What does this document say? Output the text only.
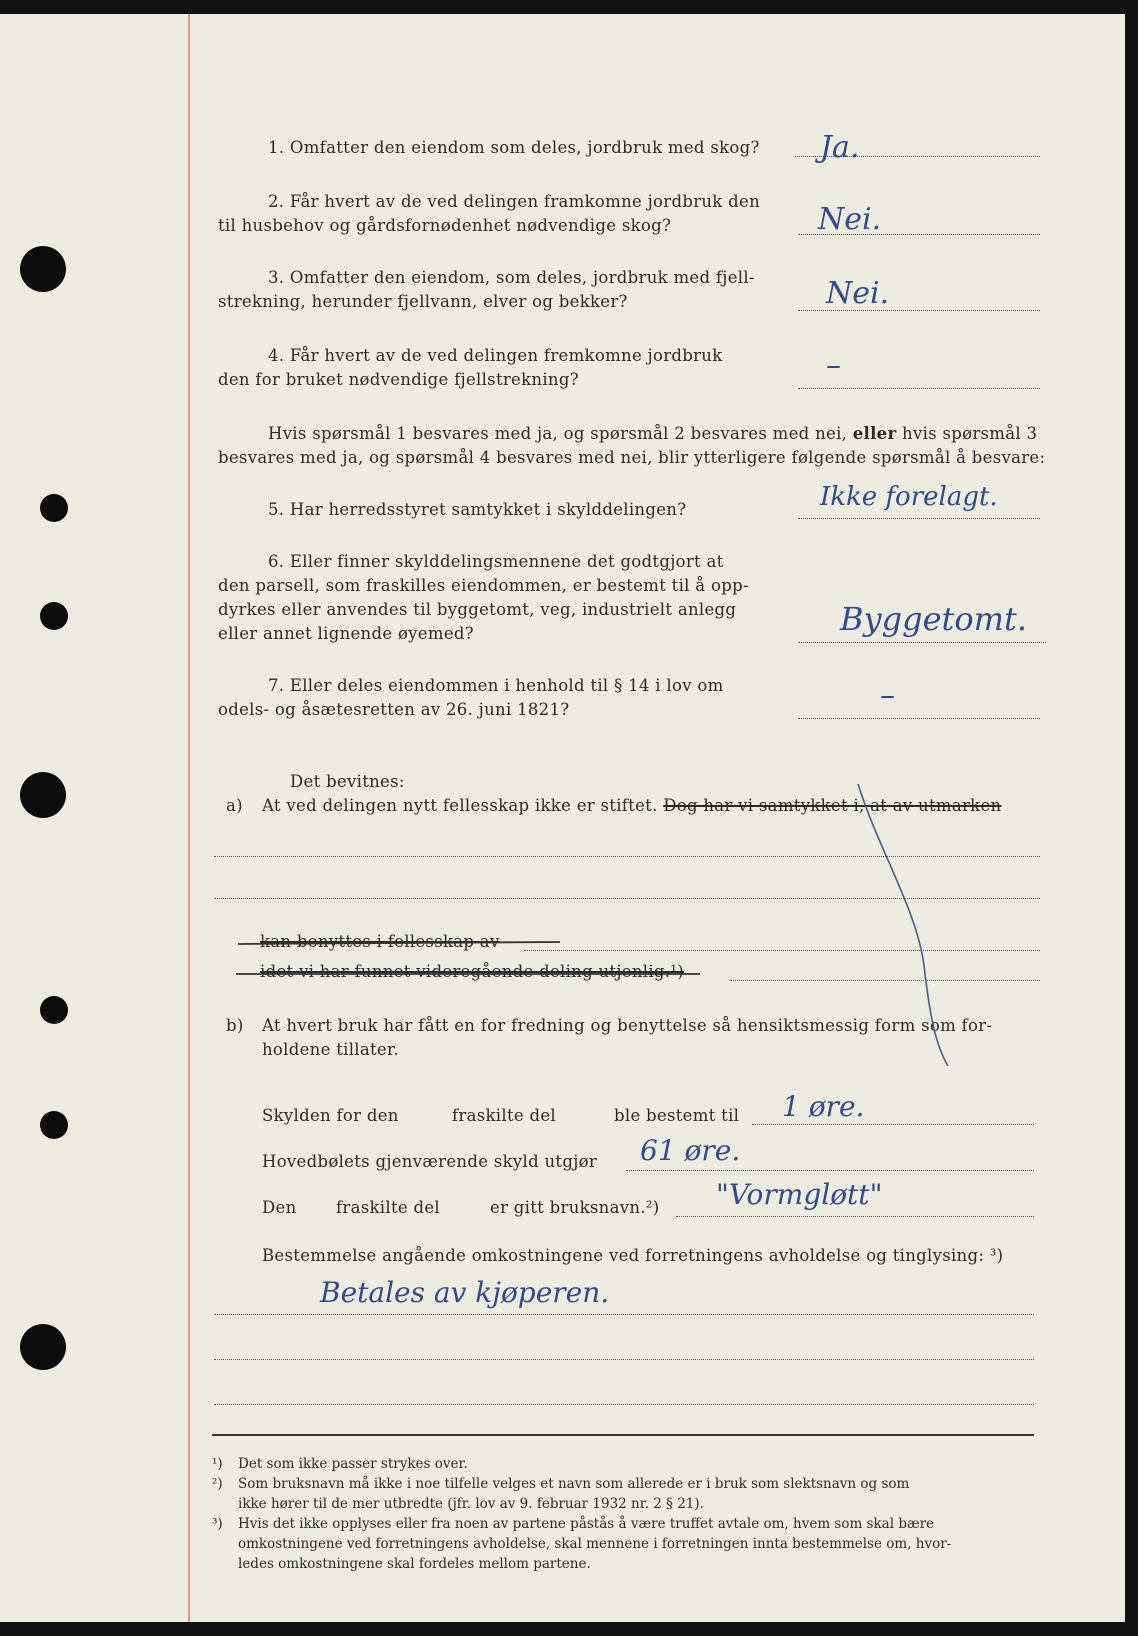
1. Omfatter den eiendom som deles, jordbruk med skog? Ja.
2. Får hvert av de ved delingen framkomne jordbruk den
til husbehov og gårdsfornødenhet nødvendige skog?	Nei.
3. Omfatter den eiendom, som deles, jordbruk med fjell-
strekning, herunder fjellvann, elver og bekker?	Nei.
4. Får hvert av de ved delingen fremkomne jordbruk
den for bruket nødvendige fjellstrekning?	–
Hvis spørsmål 1 besvares med ja, og spørsmål 2 besvares med nei, eller hvis spørsmål 3
besvares med ja, og spørsmål 4 besvares med nei, blir ytterligere følgende spørsmål å besvare:
5. Har herredsstyret samtykket i skylddelingen?	Ikke forelagt.
6. Eller finner skylddelingsmennene det godtgjort at
den parsell, som fraskilles eiendommen, er bestemt til å opp-
dyrkes eller anvendes til byggetomt, veg, industrielt anlegg
eller annet lignende øyemed?	Byggetomt.
7. Eller deles eiendommen i henhold til § 14 i lov om
odels- og åsætesretten av 26. juni 1821?	–
Det bevitnes:
a) At ved delingen nytt fellesskap ikke er stiftet. Dog har vi samtykket i, at av utmarken
kan benyttes i fellesskap av
idet vi har funnet videregående deling utjenlig.¹)
b) At hvert bruk har fått en for fredning og benyttelse så hensiktsmessig form som for-
holdene tillater.
Skylden for den	fraskilte del	ble bestemt til 1 øre.
Hovedbølets gjenværende skyld utgjør 61 øre.
Den fraskilte del	er gitt bruksnavn.²) "Vormgløtt"
Bestemmelse angående omkostningene ved forretningens avholdelse og tinglysing: ³)
Betales av kjøperen.
¹) Det som ikke passer strykes over.
²) Som bruksnavn må ikke i noe tilfelle velges et navn som allerede er i bruk som slektsnavn og som
ikke hører til de mer utbredte (jfr. lov av 9. februar 1932 nr. 2 § 21).
³) Hvis det ikke opplyses eller fra noen av partene påstås å være truffet avtale om, hvem som skal bære
omkostningene ved forretningens avholdelse, skal mennene i forretningen innta bestemmelse om, hvor-
ledes omkostningene skal fordeles mellom partene.
